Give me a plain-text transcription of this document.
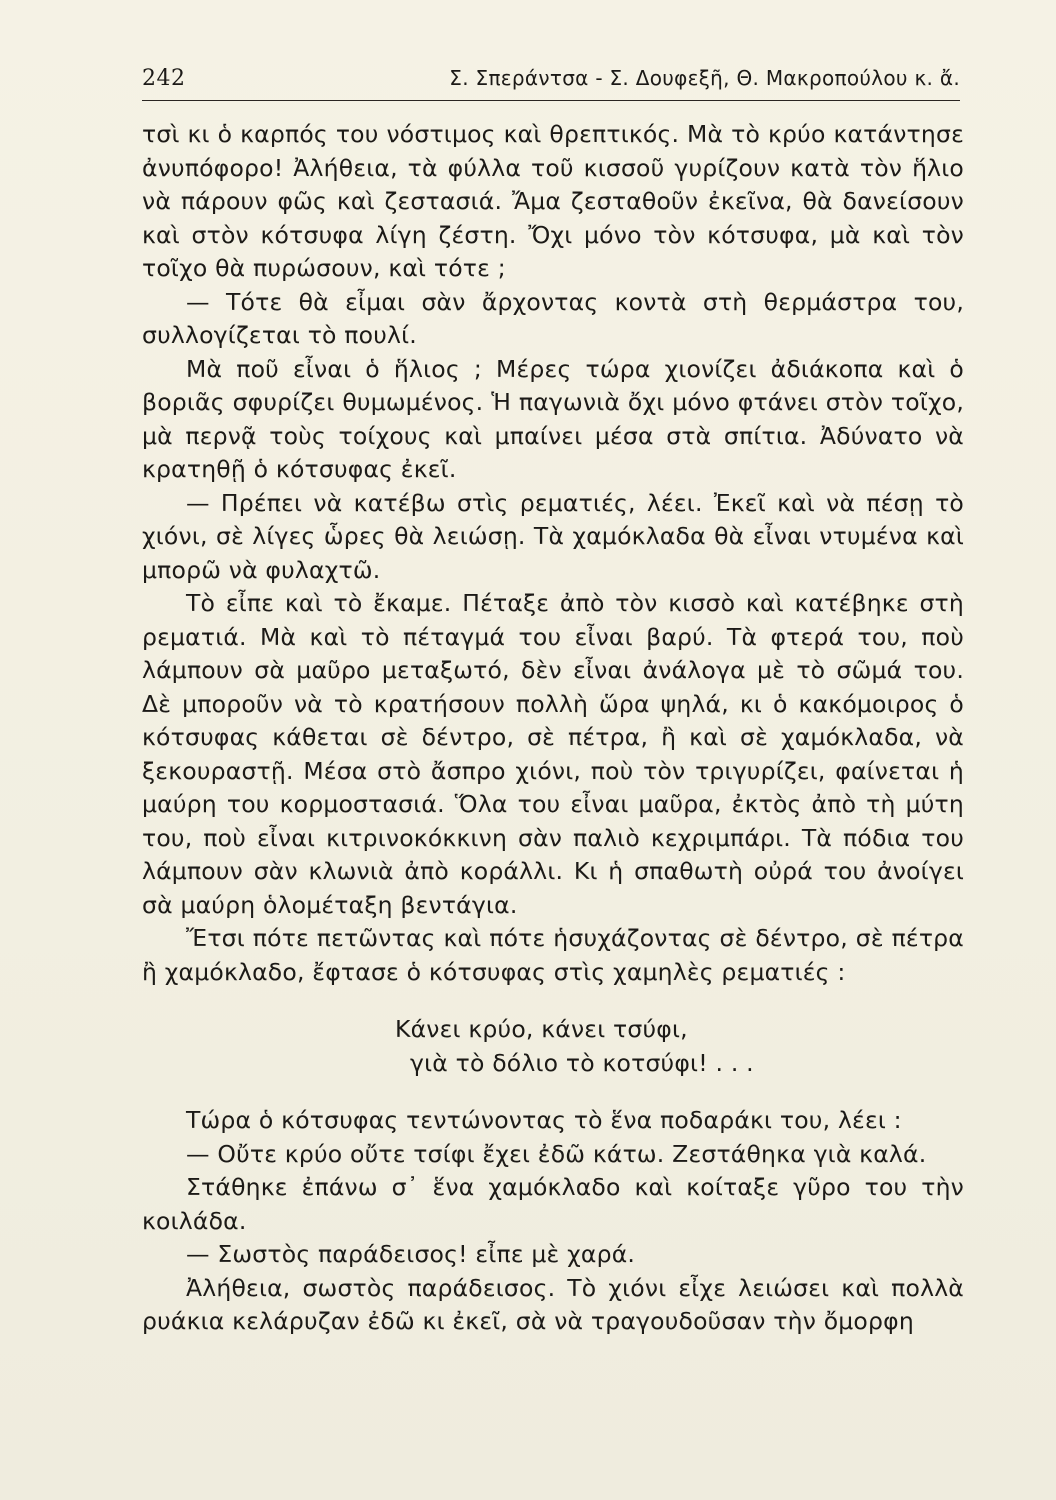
242	Σ. Σπεράντσα - Σ. Δουφεξῆ, Θ. Μακροπούλου κ. ἄ.

τσὶ κι ὁ καρπός του νόστιμος καὶ θρεπτικός. Μὰ τὸ κρύο κατάντησε ἀνυπόφορο! Ἀλήθεια, τὰ φύλλα τοῦ κισσοῦ γυρίζουν κατὰ τὸν ἥλιο νὰ πάρουν φῶς καὶ ζεστασιά. Ἄμα ζεσταθοῦν ἐκεῖνα, θὰ δανείσουν καὶ στὸν κότσυφα λίγη ζέστη. Ὄχι μόνο τὸν κότσυφα, μὰ καὶ τὸν τοῖχο θὰ πυρώσουν, καὶ τότε ;

— Τότε θὰ εἶμαι σὰν ἄρχοντας κοντὰ στὴ θερμάστρα του, συλλογίζεται τὸ πουλί.

Μὰ ποῦ εἶναι ὁ ἥλιος ; Μέρες τώρα χιονίζει ἀδιάκοπα καὶ ὁ βοριᾶς σφυρίζει θυμωμένος. Ἡ παγωνιὰ ὄχι μόνο φτάνει στὸν τοῖχο, μὰ περνᾷ τοὺς τοίχους καὶ μπαίνει μέσα στὰ σπίτια. Ἀδύνατο νὰ κρατηθῇ ὁ κότσυφας ἐκεῖ.

— Πρέπει νὰ κατέβω στὶς ρεματιές, λέει. Ἐκεῖ καὶ νὰ πέσῃ τὸ χιόνι, σὲ λίγες ὧρες θὰ λειώσῃ. Τὰ χαμόκλαδα θὰ εἶναι ντυμένα καὶ μπορῶ νὰ φυλαχτῶ.

Τὸ εἶπε καὶ τὸ ἔκαμε. Πέταξε ἀπὸ τὸν κισσὸ καὶ κατέβηκε στὴ ρεματιά. Μὰ καὶ τὸ πέταγμά του εἶναι βαρύ. Τὰ φτερά του, ποὺ λάμπουν σὰ μαῦρο μεταξωτό, δὲν εἶναι ἀνάλογα μὲ τὸ σῶμά του. Δὲ μποροῦν νὰ τὸ κρατήσουν πολλὴ ὥρα ψηλά, κι ὁ κακόμοιρος ὁ κότσυφας κάθεται σὲ δέντρο, σὲ πέτρα, ἢ καὶ σὲ χαμόκλαδα, νὰ ξεκουραστῇ. Μέσα στὸ ἄσπρο χιόνι, ποὺ τὸν τριγυρίζει, φαίνεται ἡ μαύρη του κορμοστασιά. Ὅλα του εἶναι μαῦρα, ἐκτὸς ἀπὸ τὴ μύτη του, ποὺ εἶναι κιτρινοκόκκινη σὰν παλιὸ κεχριμπάρι. Τὰ πόδια του λάμπουν σὰν κλωνιὰ ἀπὸ κοράλλι. Κι ἡ σπαθωτὴ οὐρά του ἀνοίγει σὰ μαύρη ὁλομέταξη βεντάγια.

Ἔτσι πότε πετῶντας καὶ πότε ἡσυχάζοντας σὲ δέντρο, σὲ πέτρα ἢ χαμόκλαδο, ἔφτασε ὁ κότσυφας στὶς χαμηλὲς ρεματιές :

Κάνει κρύο, κάνει τσύφι,
γιὰ τὸ δόλιο τὸ κοτσύφι! . . .

Τώρα ὁ κότσυφας τεντώνοντας τὸ ἕνα ποδαράκι του, λέει :

— Οὔτε κρύο οὔτε τσίφι ἔχει ἐδῶ κάτω. Ζεστάθηκα γιὰ καλά.

Στάθηκε ἐπάνω σ᾽ ἕνα χαμόκλαδο καὶ κοίταξε γῦρο του τὴν κοιλάδα.

— Σωστὸς παράδεισος! εἶπε μὲ χαρά.

Ἀλήθεια, σωστὸς παράδεισος. Τὸ χιόνι εἶχε λειώσει καὶ πολλὰ ρυάκια κελάρυζαν ἐδῶ κι ἐκεῖ, σὰ νὰ τραγουδοῦσαν τὴν ὄμορφη
